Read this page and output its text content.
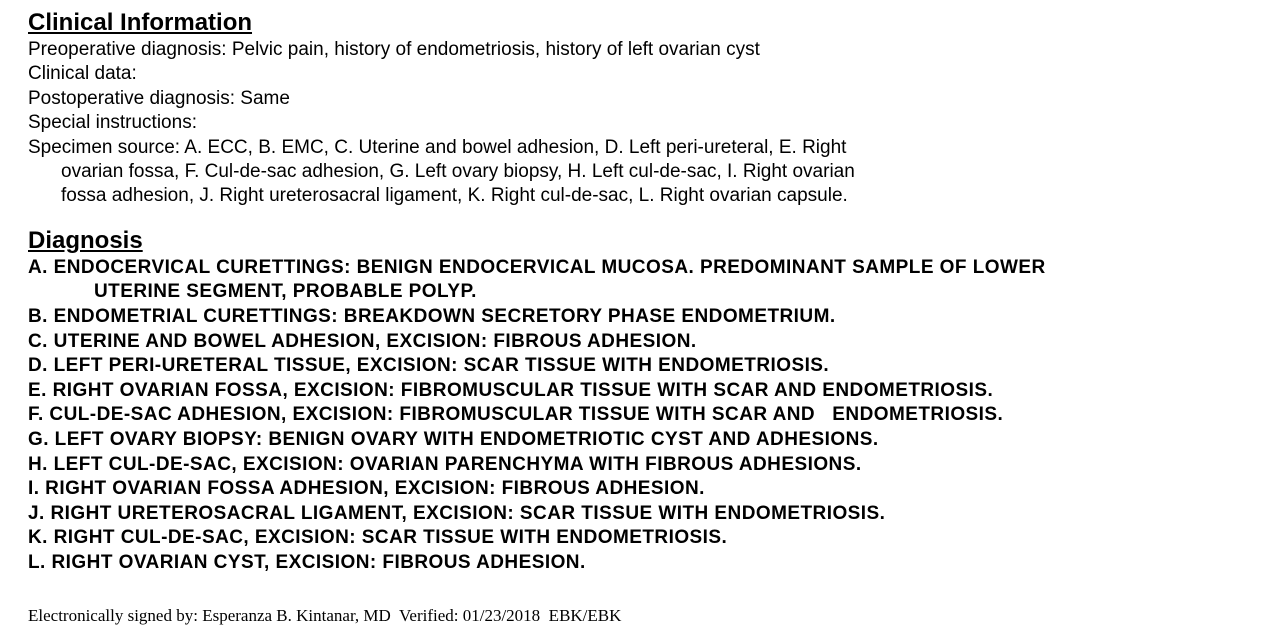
Clinical Information

Preoperative diagnosis: Pelvic pain, history of endometriosis, history of left ovarian cyst

Clinical data:

Postoperative diagnosis: Same

Special instructions:

Specimen source: A. ECC, B. EMC, C. Uterine and bowel adhesion, D. Left peri-ureteral, E. Right

ovarian fossa, F. Cul-de-sac adhesion, G. Left ovary biopsy, H. Left cul-de-sac, I. Right ovarian

fossa adhesion, J. Right ureterosacral ligament, K. Right cul-de-sac, L. Right ovarian capsule.

Diagnosis

A. ENDOCERVICAL CURETTINGS: BENIGN ENDOCERVICAL MUCOSA. PREDOMINANT SAMPLE OF LOWER

UTERINE SEGMENT, PROBABLE POLYP.

B. ENDOMETRIAL CURETTINGS: BREAKDOWN SECRETORY PHASE ENDOMETRIUM.

C. UTERINE AND BOWEL ADHESION, EXCISION: FIBROUS ADHESION.

D. LEFT PERI-URETERAL TISSUE, EXCISION: SCAR TISSUE WITH ENDOMETRIOSIS.

E. RIGHT OVARIAN FOSSA, EXCISION: FIBROMUSCULAR TISSUE WITH SCAR AND ENDOMETRIOSIS.

F. CUL-DE-SAC ADHESION, EXCISION: FIBROMUSCULAR TISSUE WITH SCAR AND   ENDOMETRIOSIS.

G. LEFT OVARY BIOPSY: BENIGN OVARY WITH ENDOMETRIOTIC CYST AND ADHESIONS.

H. LEFT CUL-DE-SAC, EXCISION: OVARIAN PARENCHYMA WITH FIBROUS ADHESIONS.

I. RIGHT OVARIAN FOSSA ADHESION, EXCISION: FIBROUS ADHESION.

J. RIGHT URETEROSACRAL LIGAMENT, EXCISION: SCAR TISSUE WITH ENDOMETRIOSIS.

K. RIGHT CUL-DE-SAC, EXCISION: SCAR TISSUE WITH ENDOMETRIOSIS.

L. RIGHT OVARIAN CYST, EXCISION: FIBROUS ADHESION.

Electronically signed by: Esperanza B. Kintanar, MD  Verified: 01/23/2018  EBK/EBK
